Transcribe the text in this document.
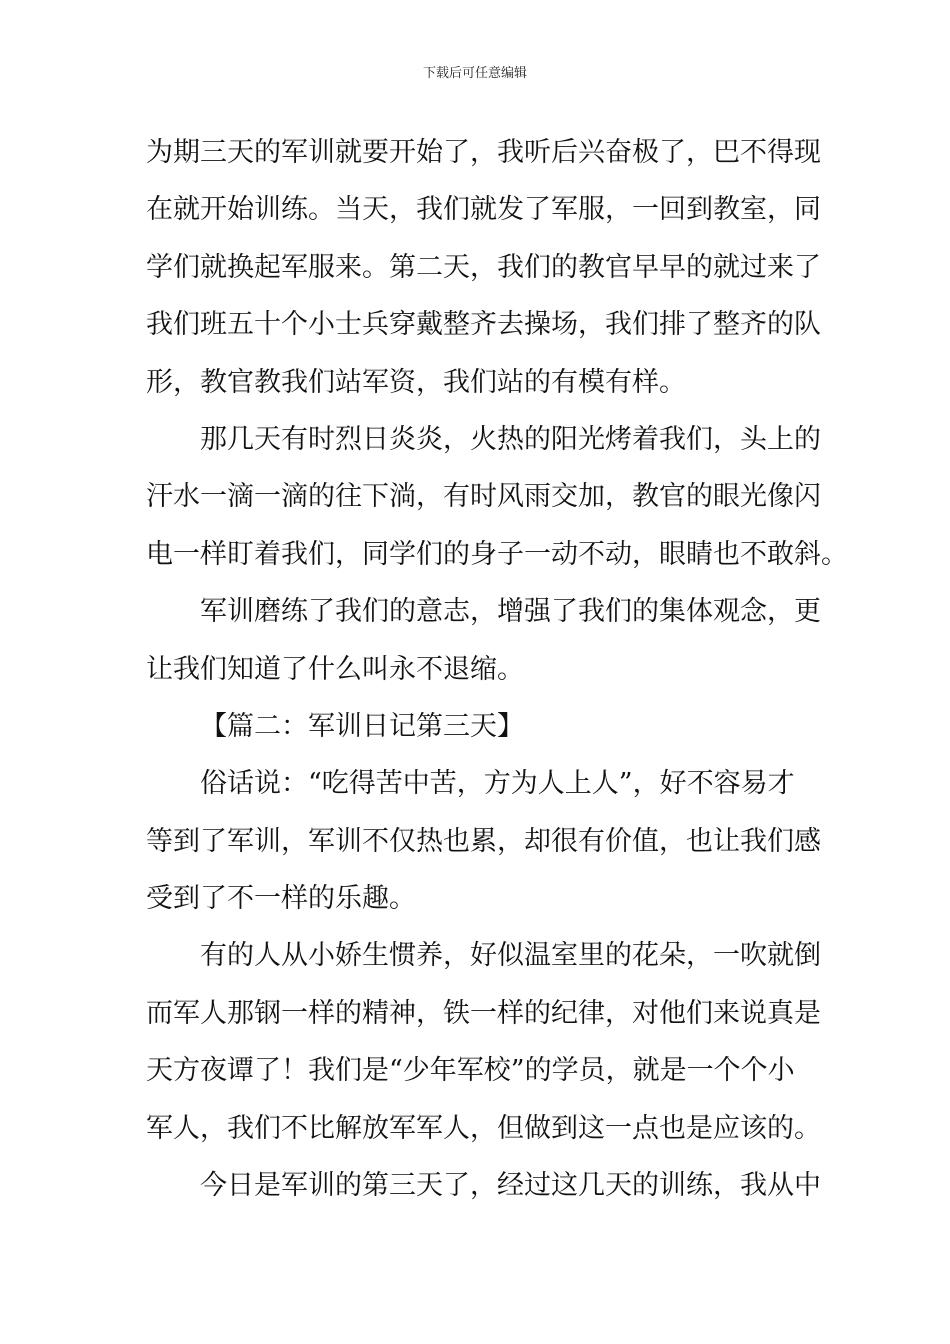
下载后可任意编辑
为期三天的军训就要开始了，我听后兴奋极了，巴不得现
在就开始训练。当天，我们就发了军服，一回到教室，同
学们就换起军服来。第二天，我们的教官早早的就过来了
我们班五十个小士兵穿戴整齐去操场，我们排了整齐的队
形，教官教我们站军资，我们站的有模有样。
那几天有时烈日炎炎，火热的阳光烤着我们，头上的
汗水一滴一滴的往下淌，有时风雨交加，教官的眼光像闪
电一样盯着我们，同学们的身子一动不动，眼睛也不敢斜。
军训磨练了我们的意志，增强了我们的集体观念，更
让我们知道了什么叫永不退缩。
【篇二：军训日记第三天】
俗话说：“吃得苦中苦，方为人上人”，好不容易才
等到了军训，军训不仅热也累，却很有价值，也让我们感
受到了不一样的乐趣。
有的人从小娇生惯养，好似温室里的花朵，一吹就倒
而军人那钢一样的精神，铁一样的纪律，对他们来说真是
天方夜谭了！我们是“少年军校”的学员，就是一个个小
军人，我们不比解放军军人，但做到这一点也是应该的。
今日是军训的第三天了，经过这几天的训练，我从中
